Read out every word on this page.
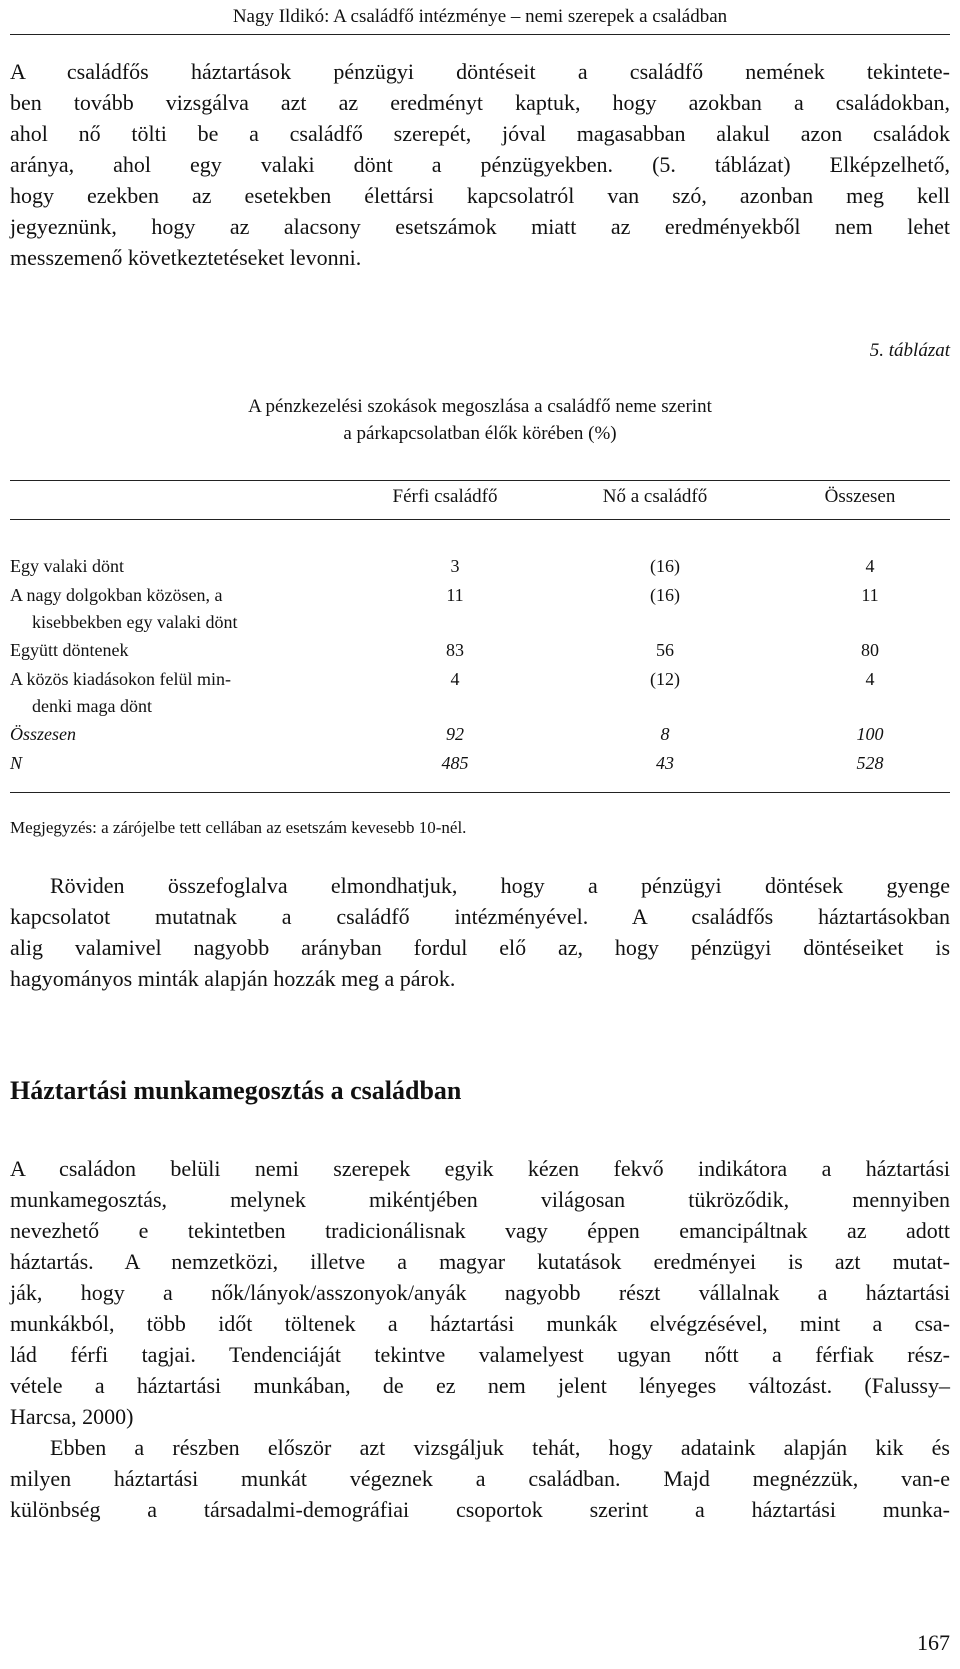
Nagy Ildikó: A családfő intézménye – nemi szerepek a családban

A családfős háztartások pénzügyi döntéseit a családfő nemének tekintete-
ben tovább vizsgálva azt az eredményt kaptuk, hogy azokban a családokban,
ahol nő tölti be a családfő szerepét, jóval magasabban alakul azon családok
aránya, ahol egy valaki dönt a pénzügyekben. (5. táblázat) Elképzelhető,
hogy ezekben az esetekben élettársi kapcsolatról van szó, azonban meg kell
jegyeznünk, hogy az alacsony esetszámok miatt az eredményekből nem lehet
messzemenő következtetéseket levonni.

5. táblázat
A pénzkezelési szokások megoszlása a családfő neme szerint
a párkapcsolatban élők körében (%)
Férfi családfő	Nő a családfő	Összesen
Egy valaki dönt	3	(16)	4
A nagy dolgokban közösen, a
kisebbekben egy valaki dönt
11	(16)	11
Együtt döntenek	83	56	80
A közös kiadásokon felül min-
denki maga dönt
4	(12)	4
Összesen	92	8	100
N	485	43	528
Megjegyzés: a zárójelbe tett cellában az esetszám kevesebb 10-nél.

Röviden összefoglalva elmondhatjuk, hogy a pénzügyi döntések gyenge
kapcsolatot mutatnak a családfő intézményével. A családfős háztartásokban
alig valamivel nagyobb arányban fordul elő az, hogy pénzügyi döntéseiket is
hagyományos minták alapján hozzák meg a párok.

Háztartási munkamegosztás a családban

A családon belüli nemi szerepek egyik kézen fekvő indikátora a háztartási
munkamegosztás, melynek mikéntjében világosan tükröződik, mennyiben
nevezhető e tekintetben tradicionálisnak vagy éppen emancipáltnak az adott
háztartás. A nemzetközi, illetve a magyar kutatások eredményei is azt mutat-
ják, hogy a nők/lányok/asszonyok/anyák nagyobb részt vállalnak a háztartási
munkákból, több időt töltenek a háztartási munkák elvégzésével, mint a csa-
lád férfi tagjai. Tendenciáját tekintve valamelyest ugyan nőtt a férfiak rész-
vétele a háztartási munkában, de ez nem jelent lényeges változást. (Falussy–
Harcsa, 2000)

Ebben a részben először azt vizsgáljuk tehát, hogy adataink alapján kik és
milyen háztartási munkát végeznek a családban. Majd megnézzük, van-e
különbség a társadalmi-demográfiai csoportok szerint a háztartási munka-

167
